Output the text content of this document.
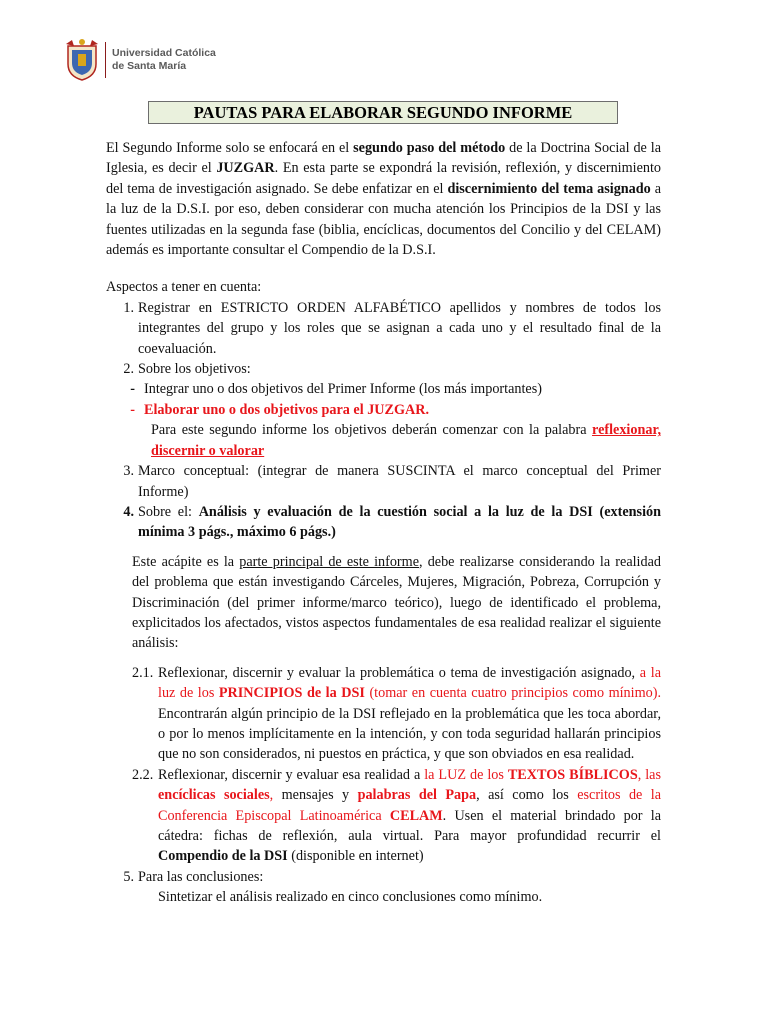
Universidad Católica
de Santa María
PAUTAS PARA ELABORAR SEGUNDO INFORME

El Segundo Informe solo se enfocará en el segundo paso del método de la Doctrina Social de la Iglesia, es decir el JUZGAR. En esta parte se expondrá la revisión, reflexión, y discernimiento del tema de investigación asignado. Se debe enfatizar en el discernimiento del tema asignado a la luz de la D.S.I. por eso, deben considerar con mucha atención los Principios de la DSI y las fuentes utilizadas en la segunda fase (biblia, encíclicas, documentos del Concilio y del CELAM) además es importante consultar el Compendio de la D.S.I.

Aspectos a tener en cuenta:

1. Registrar en ESTRICTO ORDEN ALFABÉTICO apellidos y nombres de todos los integrantes del grupo y los roles que se asignan a cada uno y el resultado final de la coevaluación.
2. Sobre los objetivos:
- Integrar uno o dos objetivos del Primer Informe (los más importantes)
- Elaborar uno o dos objetivos para el JUZGAR.

Para este segundo informe los objetivos deberán comenzar con la palabra reflexionar, discernir o valorar

3. Marco conceptual: (integrar de manera SUSCINTA el marco conceptual del Primer Informe)
4. Sobre el: Análisis y evaluación de la cuestión social a la luz de la DSI (extensión mínima 3 págs., máximo 6 págs.)

Este acápite es la parte principal de este informe, debe realizarse considerando la realidad del problema que están investigando Cárceles, Mujeres, Migración, Pobreza, Corrupción y Discriminación (del primer informe/marco teórico), luego de identificado el problema, explicitados los afectados, vistos aspectos fundamentales de esa realidad realizar el siguiente análisis:

2.1. Reflexionar, discernir y evaluar la problemática o tema de investigación asignado, a la luz de los PRINCIPIOS de la DSI (tomar en cuenta cuatro principios como mínimo). Encontrarán algún principio de la DSI reflejado en la problemática que les toca abordar, o por lo menos implícitamente en la intención, y con toda seguridad hallarán principios que no son considerados, ni puestos en práctica, y que son obviados en esa realidad.
2.2. Reflexionar, discernir y evaluar esa realidad a la LUZ de los TEXTOS BÍBLICOS, las encíclicas sociales, mensajes y palabras del Papa, así como los escritos de la Conferencia Episcopal Latinoamérica CELAM. Usen el material brindado por la cátedra: fichas de reflexión, aula virtual. Para mayor profundidad recurrir el Compendio de la DSI (disponible en internet)
5. Para las conclusiones:

Sintetizar el análisis realizado en cinco conclusiones como mínimo.
